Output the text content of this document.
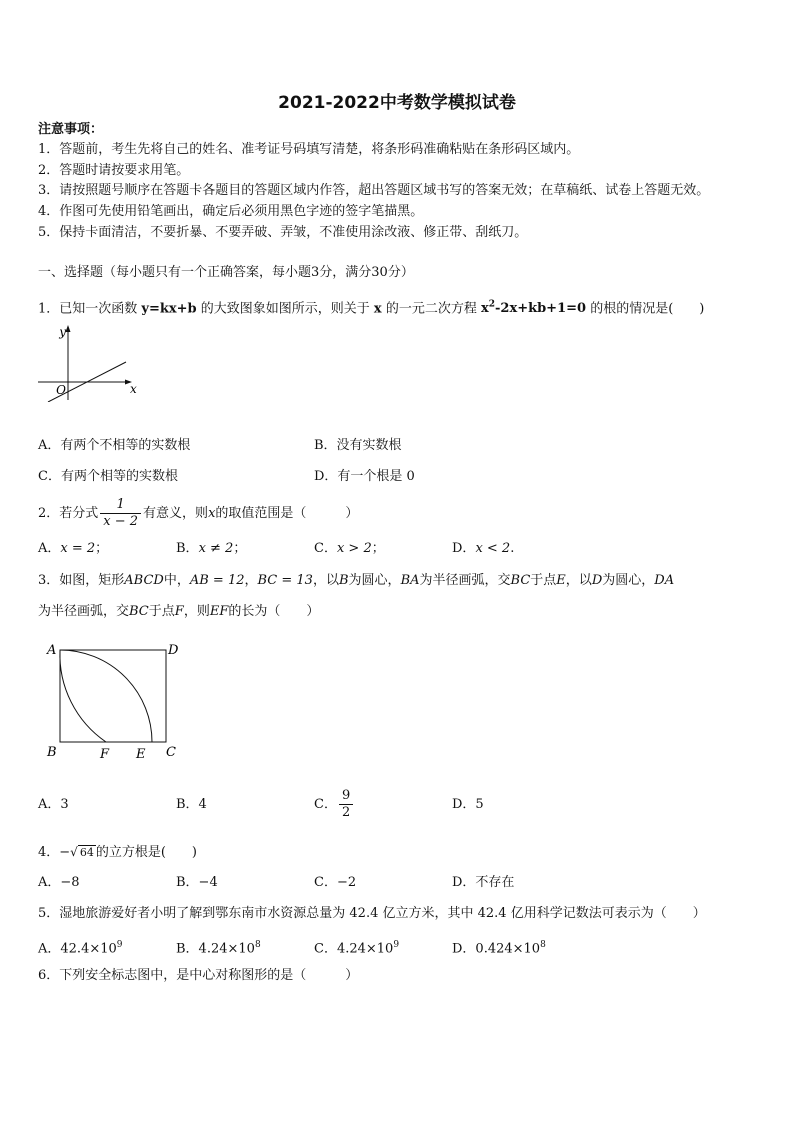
2021-2022中考数学模拟试卷
注意事项：
1．答题前，考生先将自己的姓名、准考证号码填写清楚，将条形码准确粘贴在条形码区域内。
2．答题时请按要求用笔。
3．请按照题号顺序在答题卡各题目的答题区域内作答，超出答题区域书写的答案无效；在草稿纸、试卷上答题无效。
4．作图可先使用铅笔画出，确定后必须用黑色字迹的签字笔描黑。
5．保持卡面清洁，不要折暴、不要弄破、弄皱，不准使用涂改液、修正带、刮纸刀。
一、选择题（每小题只有一个正确答案，每小题3分，满分30分）
1．已知一次函数 y=kx+b 的大致图象如图所示，则关于 x 的一元二次方程 $x^2-2x+kb+1=0$ 的根的情况是(　　)
y
O	x
A．有两个不相等的实数根	B．没有实数根
C．有两个相等的实数根	D．有一个根是 0
2．若分式 $\frac{1}{x - 2}$ 有意义，则x的取值范围是（　　　）
A．x = 2；	B．x ≠ 2；	C．x > 2；	D．x < 2.
3．如图，矩形ABCD中，AB = 12，BC = 13，以B为圆心，BA为半径画弧，交BC于点E，以D为圆心，DA
为半径画弧，交BC于点F，则EF的长为（　　）
A	D
B	F E C
A．3	B．4	C． $\frac{9}{2}$	D．5
4．−√ 64 的立方根是(　　)
A．−8	B．−4	C．−2	D．不存在
5．湿地旅游爱好者小明了解到鄂东南市水资源总量为 42.4 亿立方米，其中 42.4 亿用科学记数法可表示为（　　）
A．$42.4\times 10^9$	B．$4.24\times 10^8$	C．$4.24\times 10^9$	D．$0.424\times 10^8$
6．下列安全标志图中，是中心对称图形的是（　　　）
